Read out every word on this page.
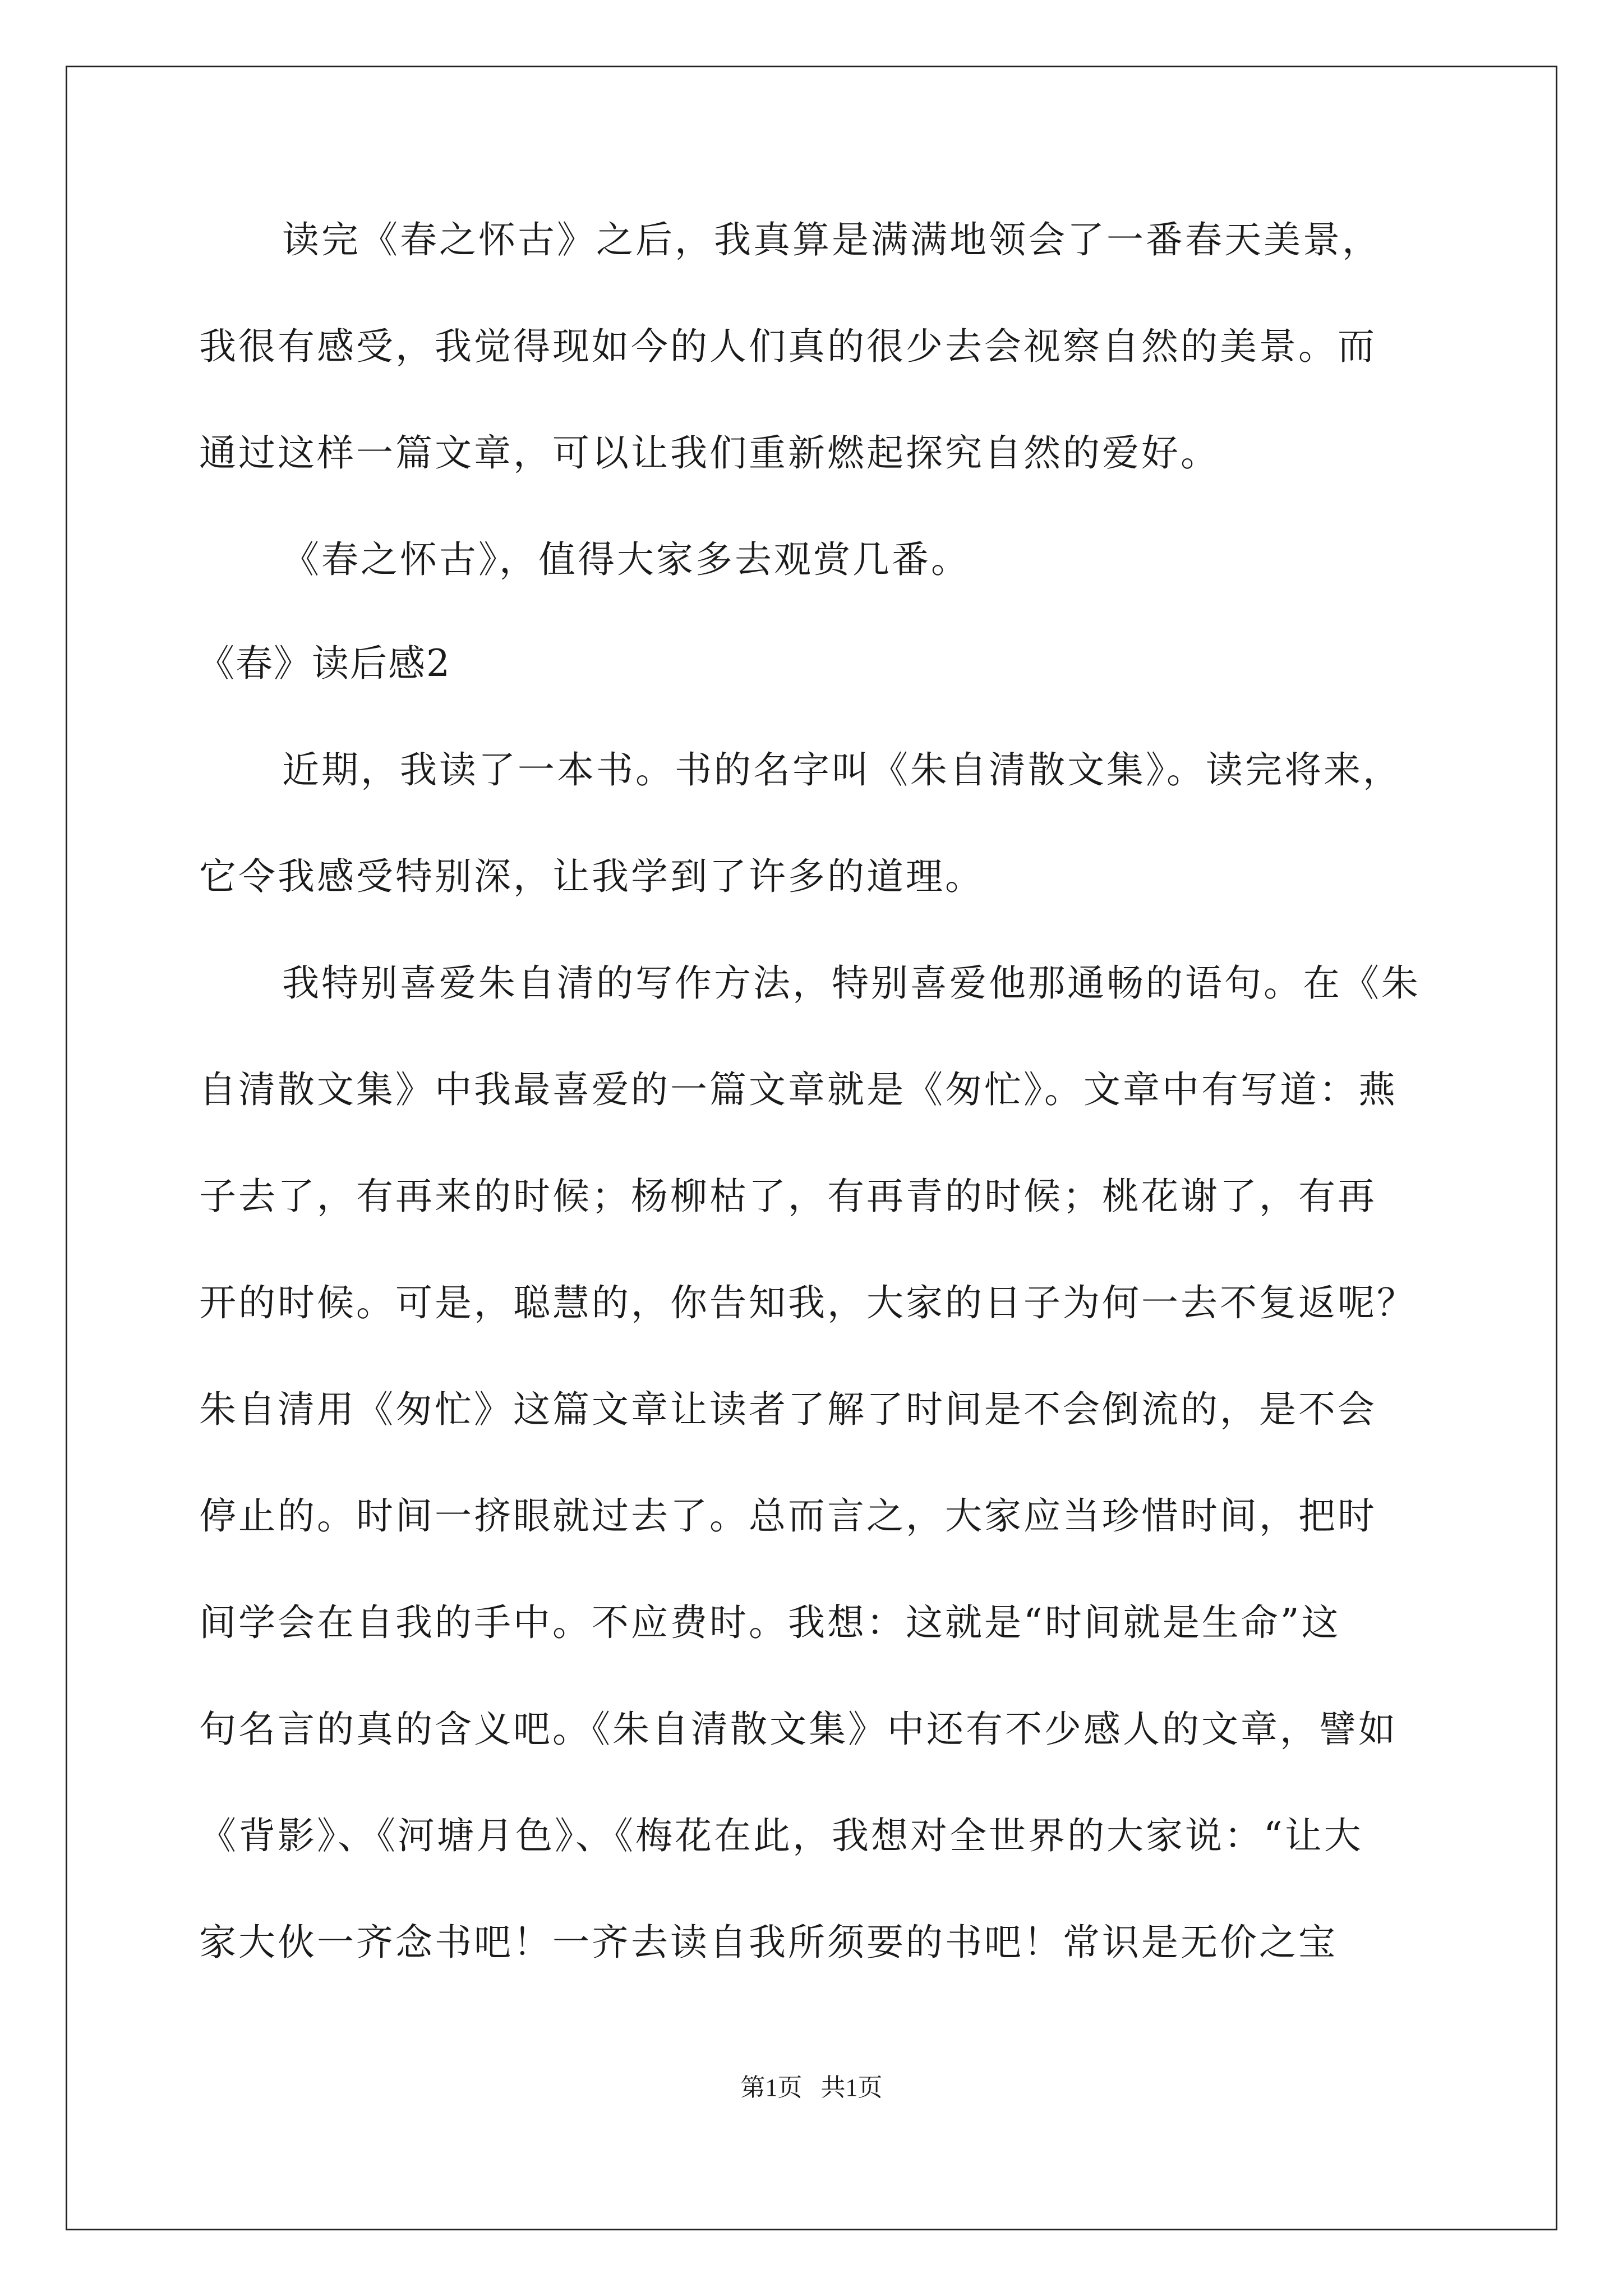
读完《春之怀古》之后，我真算是满满地领会了一番春天美景，
我很有感受，我觉得现如今的人们真的很少去会视察自然的美景。而
通过这样一篇文章，可以让我们重新燃起探究自然的爱好。
《春之怀古》，值得大家多去观赏几番。
《春》读后感2
近期，我读了一本书。书的名字叫《朱自清散文集》。读完将来，
它令我感受特别深，让我学到了许多的道理。
我特别喜爱朱自清的写作方法，特别喜爱他那通畅的语句。在《朱
自清散文集》中我最喜爱的一篇文章就是《匆忙》。文章中有写道：燕
子去了，有再来的时候；杨柳枯了，有再青的时候；桃花谢了，有再
开的时候。可是，聪慧的，你告知我，大家的日子为何一去不复返呢？
朱自清用《匆忙》这篇文章让读者了解了时间是不会倒流的，是不会
停止的。时间一挤眼就过去了。总而言之，大家应当珍惜时间，把时
间学会在自我的手中。不应费时。我想：这就是“时间就是生命”这
句名言的真的含义吧。《朱自清散文集》中还有不少感人的文章，譬如
《背影》、《河塘月色》、《梅花在此，我想对全世界的大家说：“让大
家大伙一齐念书吧！一齐去读自我所须要的书吧！常识是无价之宝
第1页   共1页
